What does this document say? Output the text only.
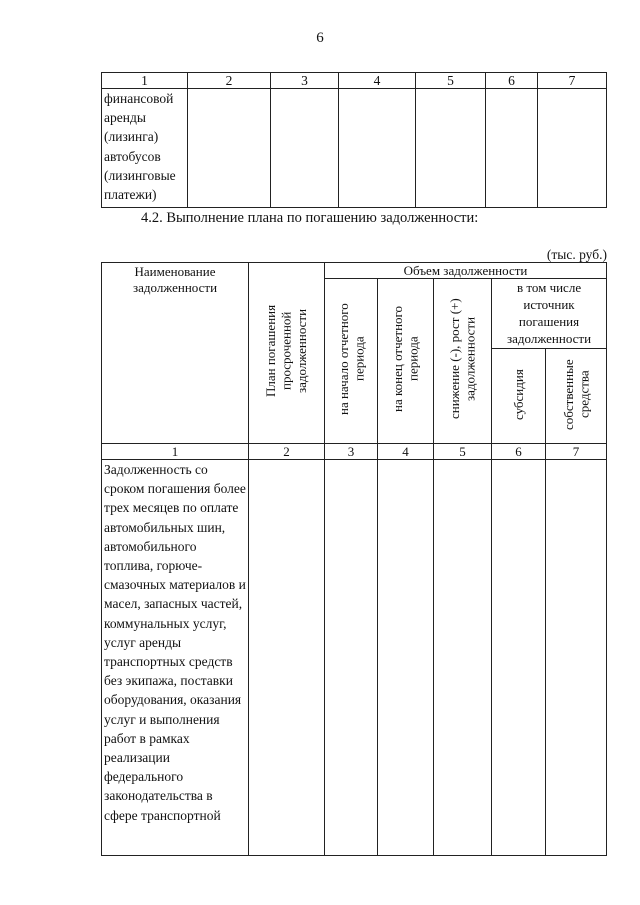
6
1	2	3	4	5	6	7
финансовой аренды (лизинга) автобусов (лизинговые платежи)						
4.2. Выполнение плана по погашению задолженности:
(тыс. руб.)
Наименование задолженности	План погашения просроченной задолженности	Объем задолженности				
		на начало отчетного периода	на конец отчетного периода	снижение (-), рост (+) задолженности	в том числе источник погашения задолженности	
					субсидия	собственные средства
1	2	3	4	5	6	7
Задолженность со сроком погашения более трех месяцев по оплате автомобильных шин, автомобильного топлива, горюче-смазочных материалов и масел, запасных частей, коммунальных услуг, услуг аренды транспортных средств без экипажа, поставки оборудования, оказания услуг и выполнения работ в рамках реализации федерального законодательства в сфере транспортной						
